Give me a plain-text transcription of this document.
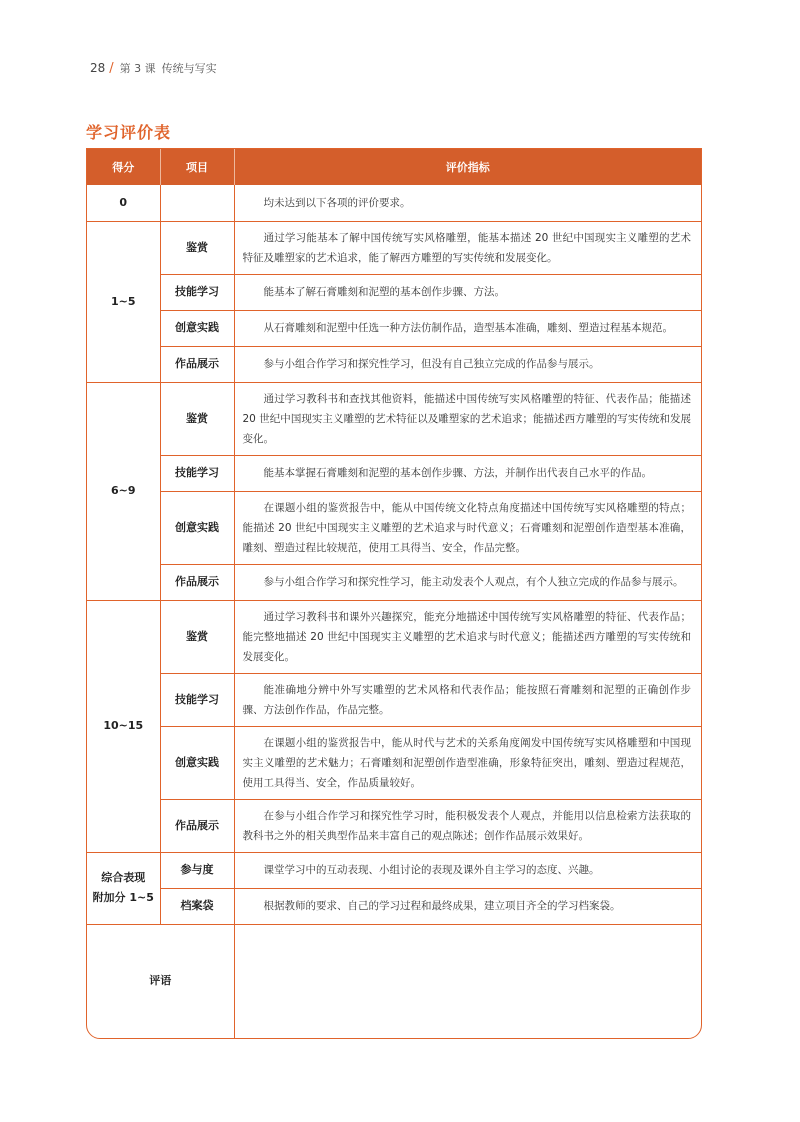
28 / 第 3 课 传统与写实
学习评价表
得分	项目	评价指标
0		均未达到以下各项的评价要求。
1~5	鉴赏	通过学习能基本了解中国传统写实风格雕塑，能基本描述 20 世纪中国现实主义雕塑的艺术特征及雕塑家的艺术追求，能了解西方雕塑的写实传统和发展变化。
	技能学习	能基本了解石膏雕刻和泥塑的基本创作步骤、方法。
	创意实践	从石膏雕刻和泥塑中任选一种方法仿制作品，造型基本准确，雕刻、塑造过程基本规范。
	作品展示	参与小组合作学习和探究性学习，但没有自己独立完成的作品参与展示。
6~9	鉴赏	通过学习教科书和查找其他资料，能描述中国传统写实风格雕塑的特征、代表作品；能描述 20 世纪中国现实主义雕塑的艺术特征以及雕塑家的艺术追求；能描述西方雕塑的写实传统和发展变化。
	技能学习	能基本掌握石膏雕刻和泥塑的基本创作步骤、方法，并制作出代表自己水平的作品。
	创意实践	在课题小组的鉴赏报告中，能从中国传统文化特点角度描述中国传统写实风格雕塑的特点；能描述 20 世纪中国现实主义雕塑的艺术追求与时代意义；石膏雕刻和泥塑创作造型基本准确，雕刻、塑造过程比较规范，使用工具得当、安全，作品完整。
	作品展示	参与小组合作学习和探究性学习，能主动发表个人观点，有个人独立完成的作品参与展示。
10~15	鉴赏	通过学习教科书和课外兴趣探究，能充分地描述中国传统写实风格雕塑的特征、代表作品；能完整地描述 20 世纪中国现实主义雕塑的艺术追求与时代意义；能描述西方雕塑的写实传统和发展变化。
	技能学习	能准确地分辨中外写实雕塑的艺术风格和代表作品；能按照石膏雕刻和泥塑的正确创作步骤、方法创作作品，作品完整。
	创意实践	在课题小组的鉴赏报告中，能从时代与艺术的关系角度阐发中国传统写实风格雕塑和中国现实主义雕塑的艺术魅力；石膏雕刻和泥塑创作造型准确，形象特征突出，雕刻、塑造过程规范，使用工具得当、安全，作品质量较好。
	作品展示	在参与小组合作学习和探究性学习时，能积极发表个人观点，并能用以信息检索方法获取的教科书之外的相关典型作品来丰富自己的观点陈述；创作作品展示效果好。

综合表现
附加分 1~5	参与度	课堂学习中的互动表现、小组讨论的表现及课外自主学习的态度、兴趣。
	档案袋	根据教师的要求、自己的学习过程和最终成果，建立项目齐全的学习档案袋。
评语		
